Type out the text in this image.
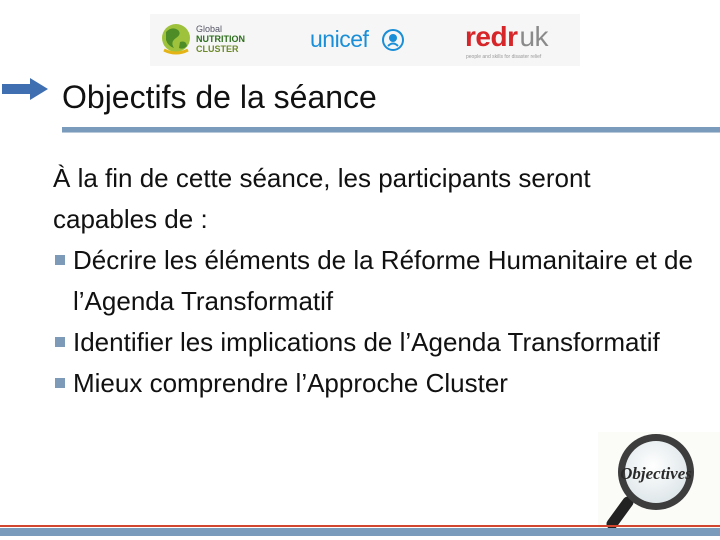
Global
NUTRITION
CLUSTER	unicef	redruk
people and skills for disaster relief
Objectifs de la séance

À la fin de cette séance, les participants seront capables de :

Décrire les éléments de la Réforme Humanitaire et de l’Agenda Transformatif
Identifier les implications de l’Agenda Transformatif
Mieux comprendre l’Approche Cluster
Objectives
